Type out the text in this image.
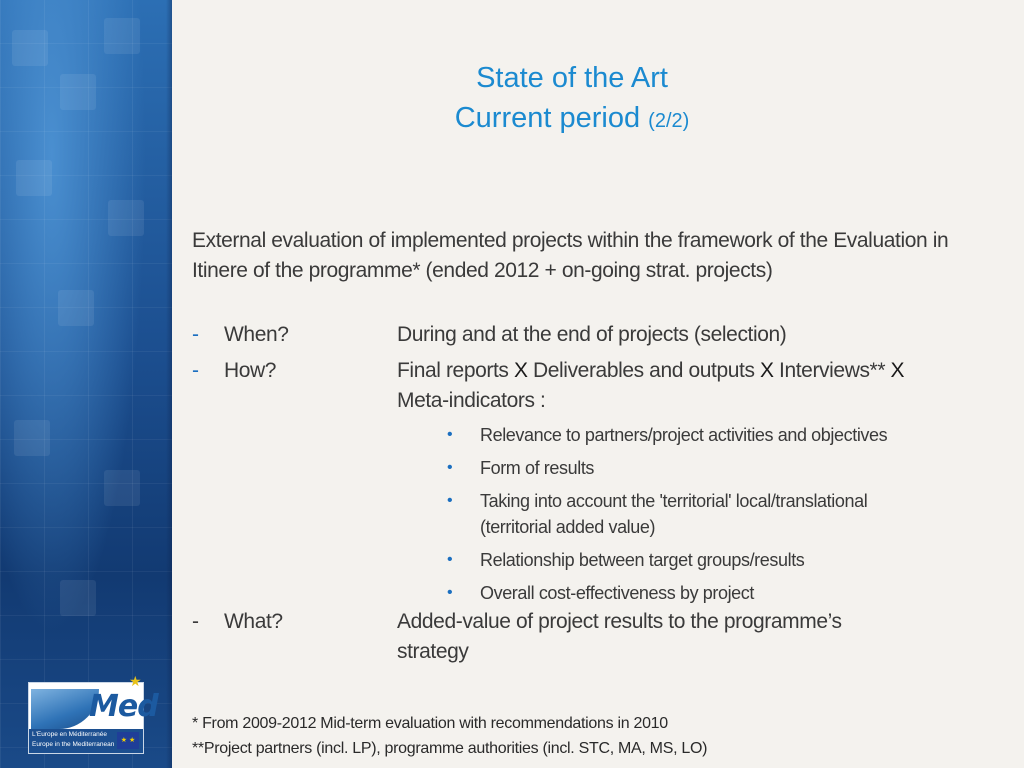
Med
★
L'Europe en Méditerranée
Europe in the Mediterranean
★ ★
State of the Art
Current period (2/2)
External evaluation of implemented projects within the framework of the Evaluation in Itinere of the programme* (ended 2012 + on-going strat. projects)
- When?	During and at the end of projects (selection)
- How?	Final reports X Deliverables and outputs X Interviews** X Meta-indicators :
• Relevance to partners/project activities and objectives
• Form of results
• Taking into account the 'territorial' local/translational (territorial added value)
• Relationship between target groups/results
• Overall cost-effectiveness by project
- What?	Added-value of project results to the programme’s strategy
* From 2009-2012 Mid-term evaluation with recommendations in 2010
**Project partners (incl. LP), programme authorities (incl. STC, MA, MS, LO)
